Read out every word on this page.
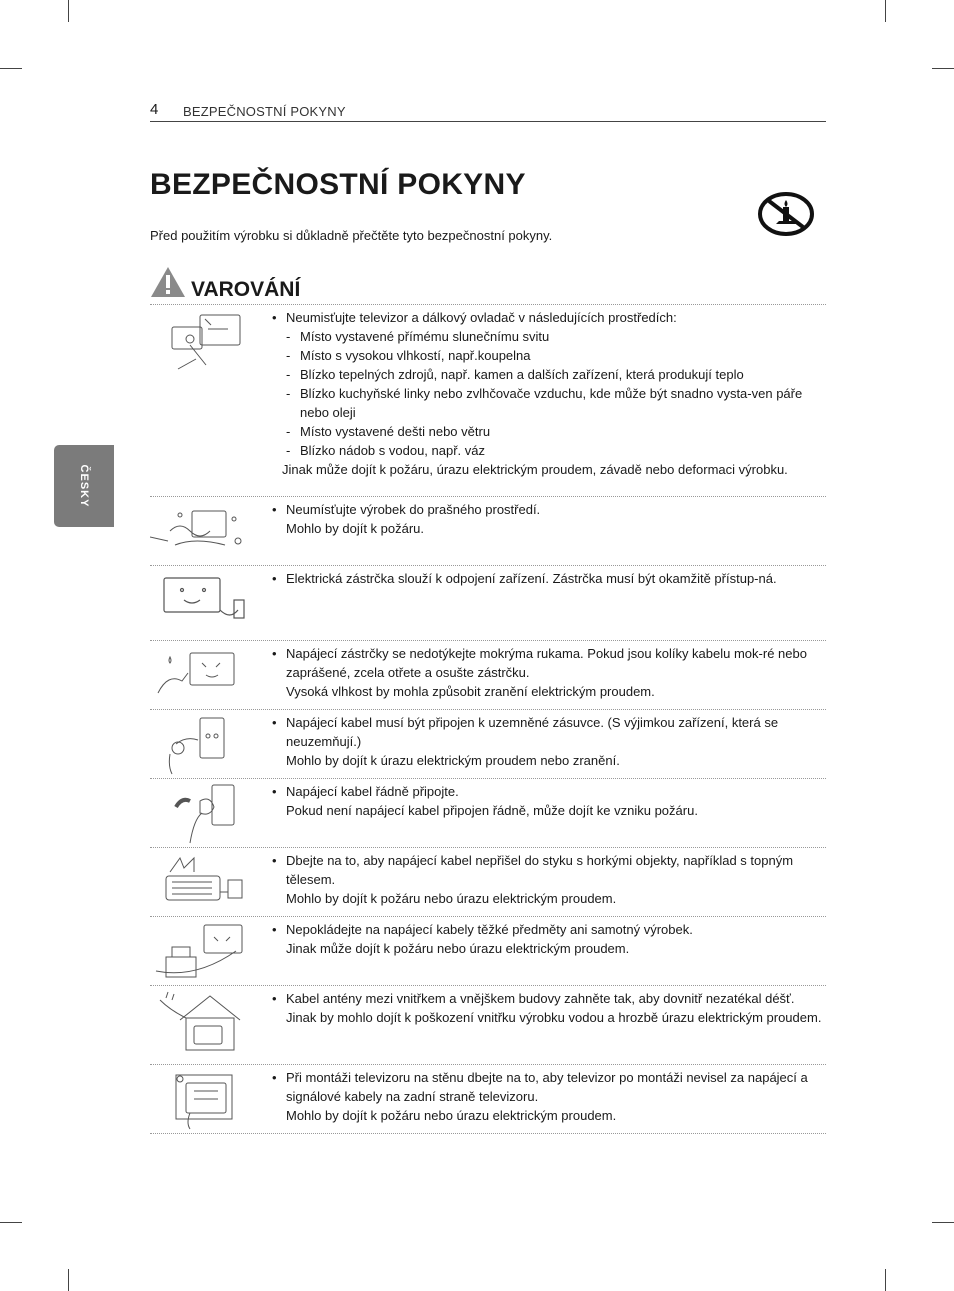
4 BEZPEČNOSTNÍ POKYNY
BEZPEČNOSTNÍ POKYNY
Před použitím výrobku si důkladně přečtěte tyto bezpečnostní pokyny.
ČESKY
VAROVÁNÍ
• Neumisťujte televizor a dálkový ovladač v následujících prostředích:
- Místo vystavené přímému slunečnímu svitu
- Místo s vysokou vlhkostí, např.koupelna
- Blízko tepelných zdrojů, např. kamen a dalších zařízení, která produkují teplo
- Blízko kuchyňské linky nebo zvlhčovače vzduchu, kde může být snadno vysta-ven páře nebo oleji
- Místo vystavené dešti nebo větru
- Blízko nádob s vodou, např. váz
Jinak může dojít k požáru, úrazu elektrickým proudem, závadě nebo deformaci výrobku.
• Neumísťujte výrobek do prašného prostředí.
Mohlo by dojít k požáru.
• Elektrická zástrčka slouží k odpojení zařízení. Zástrčka musí být okamžitě přístup-ná.
• Napájecí zástrčky se nedotýkejte mokrýma rukama. Pokud jsou kolíky kabelu mok-ré nebo zaprášené, zcela otřete a osušte zástrčku.
Vysoká vlhkost by mohla způsobit zranění elektrickým proudem.
• Napájecí kabel musí být připojen k uzemněné zásuvce. (S výjimkou zařízení, která se neuzemňují.)
Mohlo by dojít k úrazu elektrickým proudem nebo zranění.
• Napájecí kabel řádně připojte.
Pokud není napájecí kabel připojen řádně, může dojít ke vzniku požáru.
• Dbejte na to, aby napájecí kabel nepřišel do styku s horkými objekty, například s topným tělesem.
Mohlo by dojít k požáru nebo úrazu elektrickým proudem.
• Nepokládejte na napájecí kabely těžké předměty ani samotný výrobek.
Jinak může dojít k požáru nebo úrazu elektrickým proudem.
• Kabel antény mezi vnitřkem a vnějškem budovy zahněte tak, aby dovnitř nezatékal déšť.
Jinak by mohlo dojít k poškození vnitřku výrobku vodou a hrozbě úrazu elektrickým proudem.
• Při montáži televizoru na stěnu dbejte na to, aby televizor po montáži nevisel za napájecí a signálové kabely na zadní straně televizoru.
Mohlo by dojít k požáru nebo úrazu elektrickým proudem.
